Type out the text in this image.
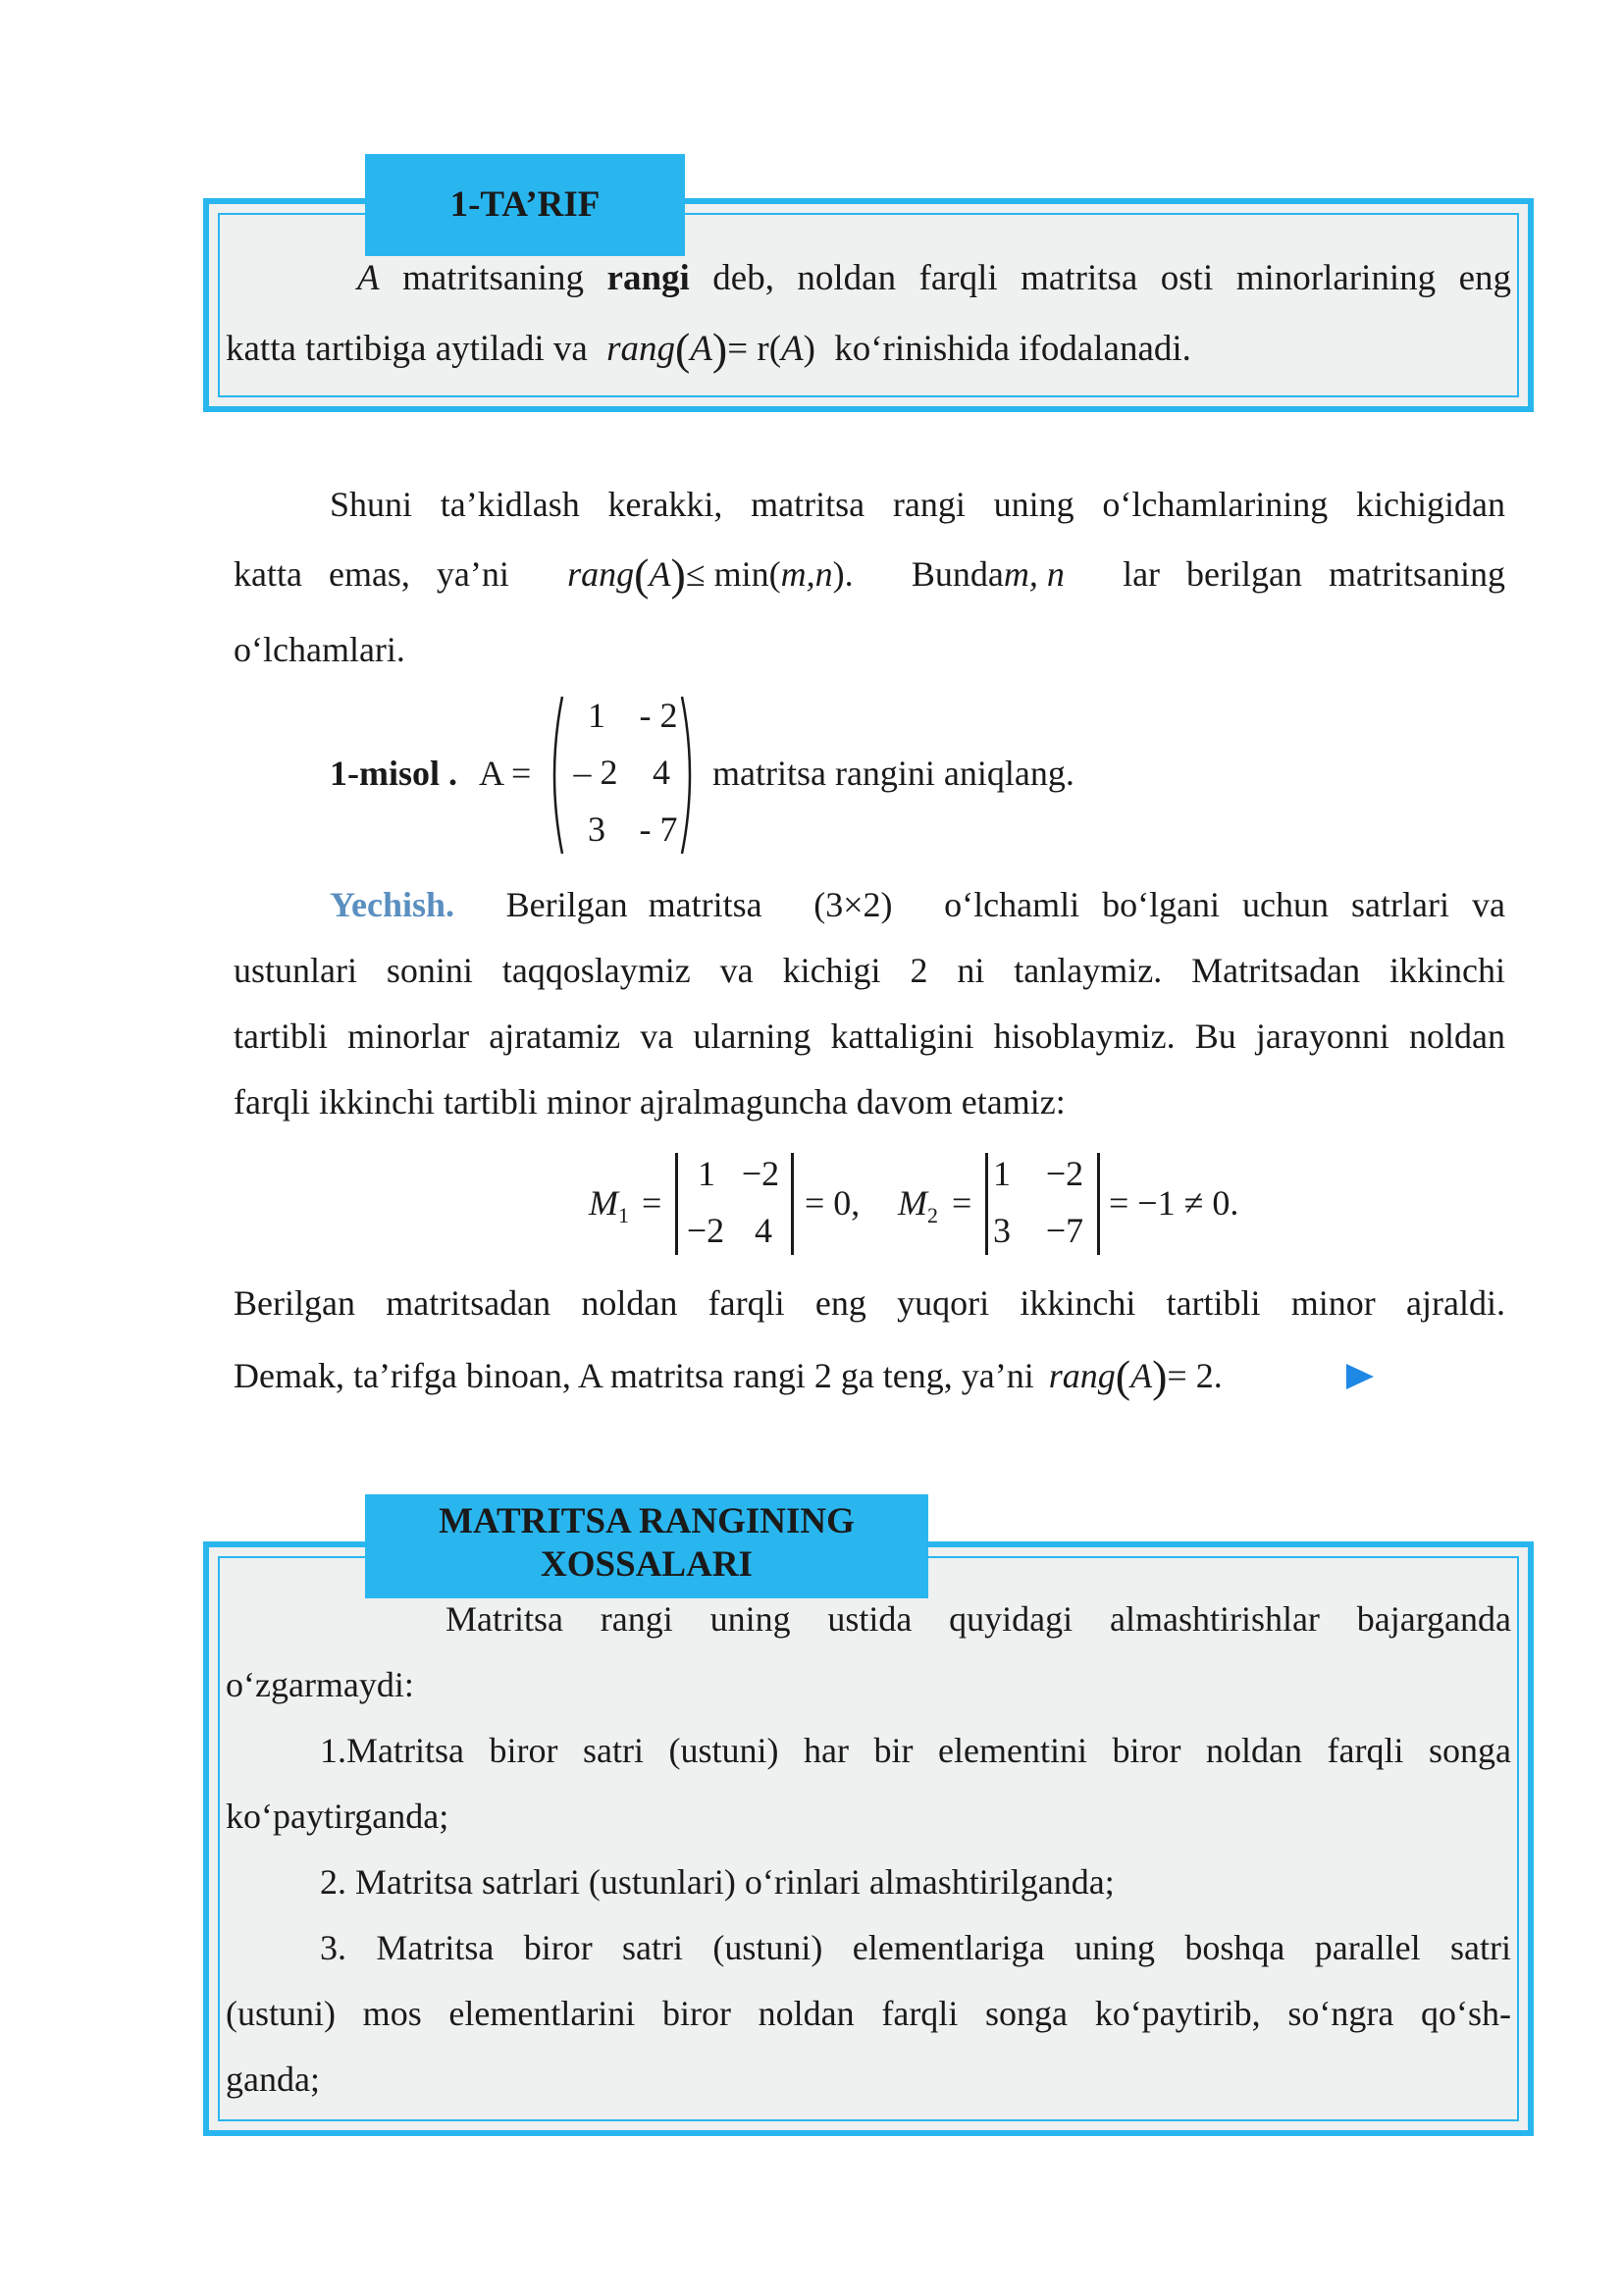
1-TA’RIF
A matritsaning rangi deb, noldan farqli matritsa osti minorlarining eng
katta tartibiga aytiladi va rang(A)= r(A) ko‘rinishida ifodalanadi.
Shuni ta’kidlash kerakki, matritsa rangi uning o‘lchamlarining kichigidan
katta emas, ya’ni rang(A)≤ min(m,n). Bundam, n lar berilgan matritsaning
o‘lchamlari.
1-misol . A =
1 - 2
– 2 4
3 - 7
matritsa rangini aniqlang.
Yechish. Berilgan matritsa (3×2) o‘lchamli bo‘lgani uchun satrlari va
ustunlari sonini taqqoslaymiz va kichigi 2 ni tanlaymiz. Matritsadan ikkinchi
tartibli minorlar ajratamiz va ularning kattaligini hisoblaymiz. Bu jarayonni noldan
farqli ikkinchi tartibli minor ajralmaguncha davom etamiz:
$M_1$ =
1 −2
−2 4
= 0, $M_2$ =
1 −2
3 −7
= −1 ≠ 0.
Berilgan matritsadan noldan farqli eng yuqori ikkinchi tartibli minor ajraldi.
Demak, ta’rifga binoan, A matritsa rangi 2 ga teng, ya’ni rang(A)= 2.
MATRITSA RANGINING
XOSSALARI
Matritsa rangi uning ustida quyidagi almashtirishlar bajarganda
o‘zgarmaydi:
1.Matritsa biror satri (ustuni) har bir elementini biror noldan farqli songa
ko‘paytirganda;
2. Matritsa satrlari (ustunlari) o‘rinlari almashtirilganda;
3. Matritsa biror satri (ustuni) elementlariga uning boshqa parallel satri
(ustuni) mos elementlarini biror noldan farqli songa ko‘paytirib, so‘ngra qo‘sh-
ganda;
